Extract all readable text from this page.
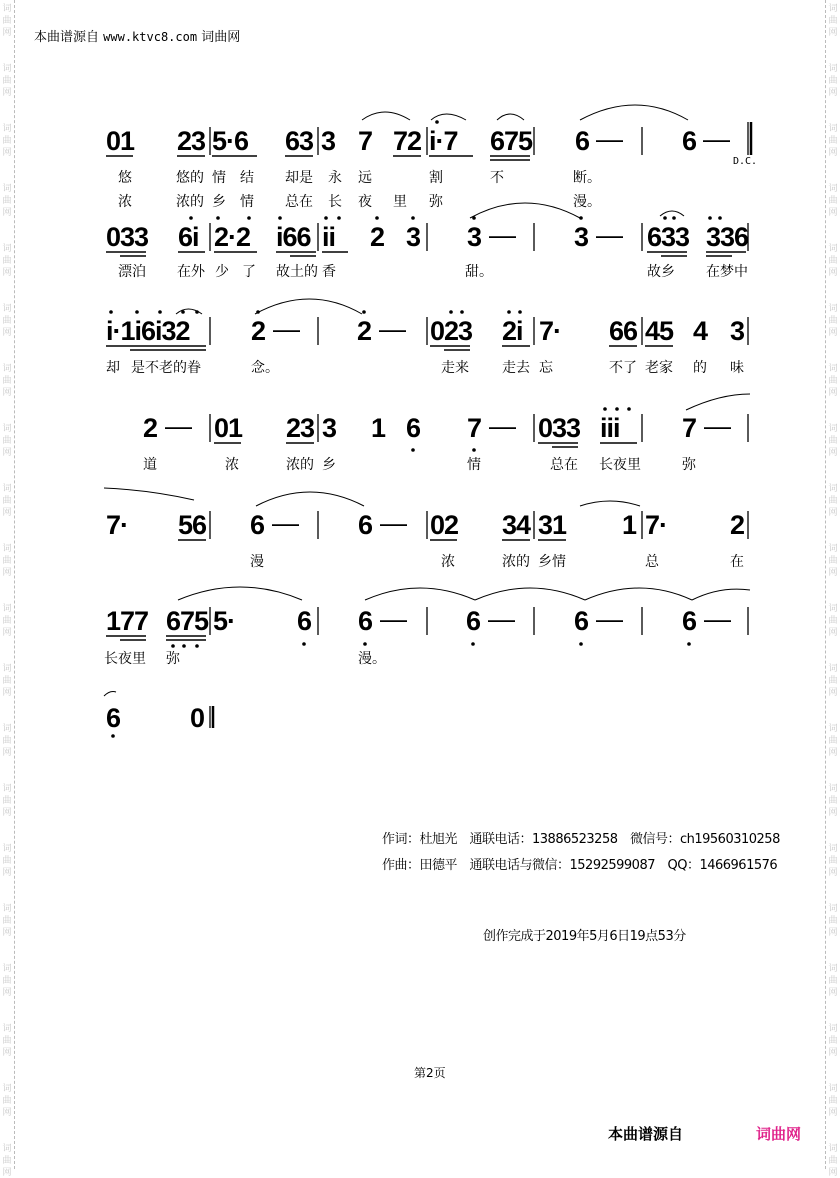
词
曲
网
词
曲
网
词
曲
网
词
曲
网
词
曲
网
词
曲
网
词
曲
网
词
曲
网
词
曲
网
词
曲
网
词
曲
网
词
曲
网
词
曲
网
词
曲
网
词
曲
网
词
曲
网
词
曲
网
词
曲
网
词
曲
网
词
曲
网
词
曲
网
词
曲
网
词
曲
网
词
曲
网
词
曲
网
词
曲
网
词
曲
网
词
曲
网
词
曲
网
词
曲
网
词
曲
网
词
曲
网
词
曲
网
词
曲
网
词
曲
网
词
曲
网
词
曲
网
词
曲
网
词
曲
网
词
曲
网
本曲谱源自 www.ktvc8.com 词曲网
01 23 5·6 63 3 7 72 i·7 675 6 — 6 —
D.C.
悠	悠的 情 结 却是 永 远	割	不	断。
浓	浓的 乡 情 总在 长 夜 里 弥	漫。
033 6i 2·2 i66 ii 2 3 3 — 3 — 633 336
漂泊 在外 少 了 故土的 香	甜。	故乡 在梦中
i·1i6i32 2 — 2 — 023 2i 7· 66 45 4 3
却 是不老的眷	念。	走来 走去 忘	不了 老家 的 味
2 — 01 23 3 1 6 7 — 033 iii 7 —
道	浓	浓的 乡	情	总在 长夜里	弥
7· 56 6 — 6 — 02 34 31 1 7· 2
漫	浓	浓的 乡情	总	在
177 675 5· 6 6 — 6 — 6 — 6 —
长夜里 弥	漫。
6	0
作词：杜旭光　通联电话：13886523258　微信号：ch19560310258
作曲：田德平　通联电话与微信：15292599087　QQ：1466961576
创作完成于2019年5月6日19点53分
第2页
本曲谱源自	词曲网
